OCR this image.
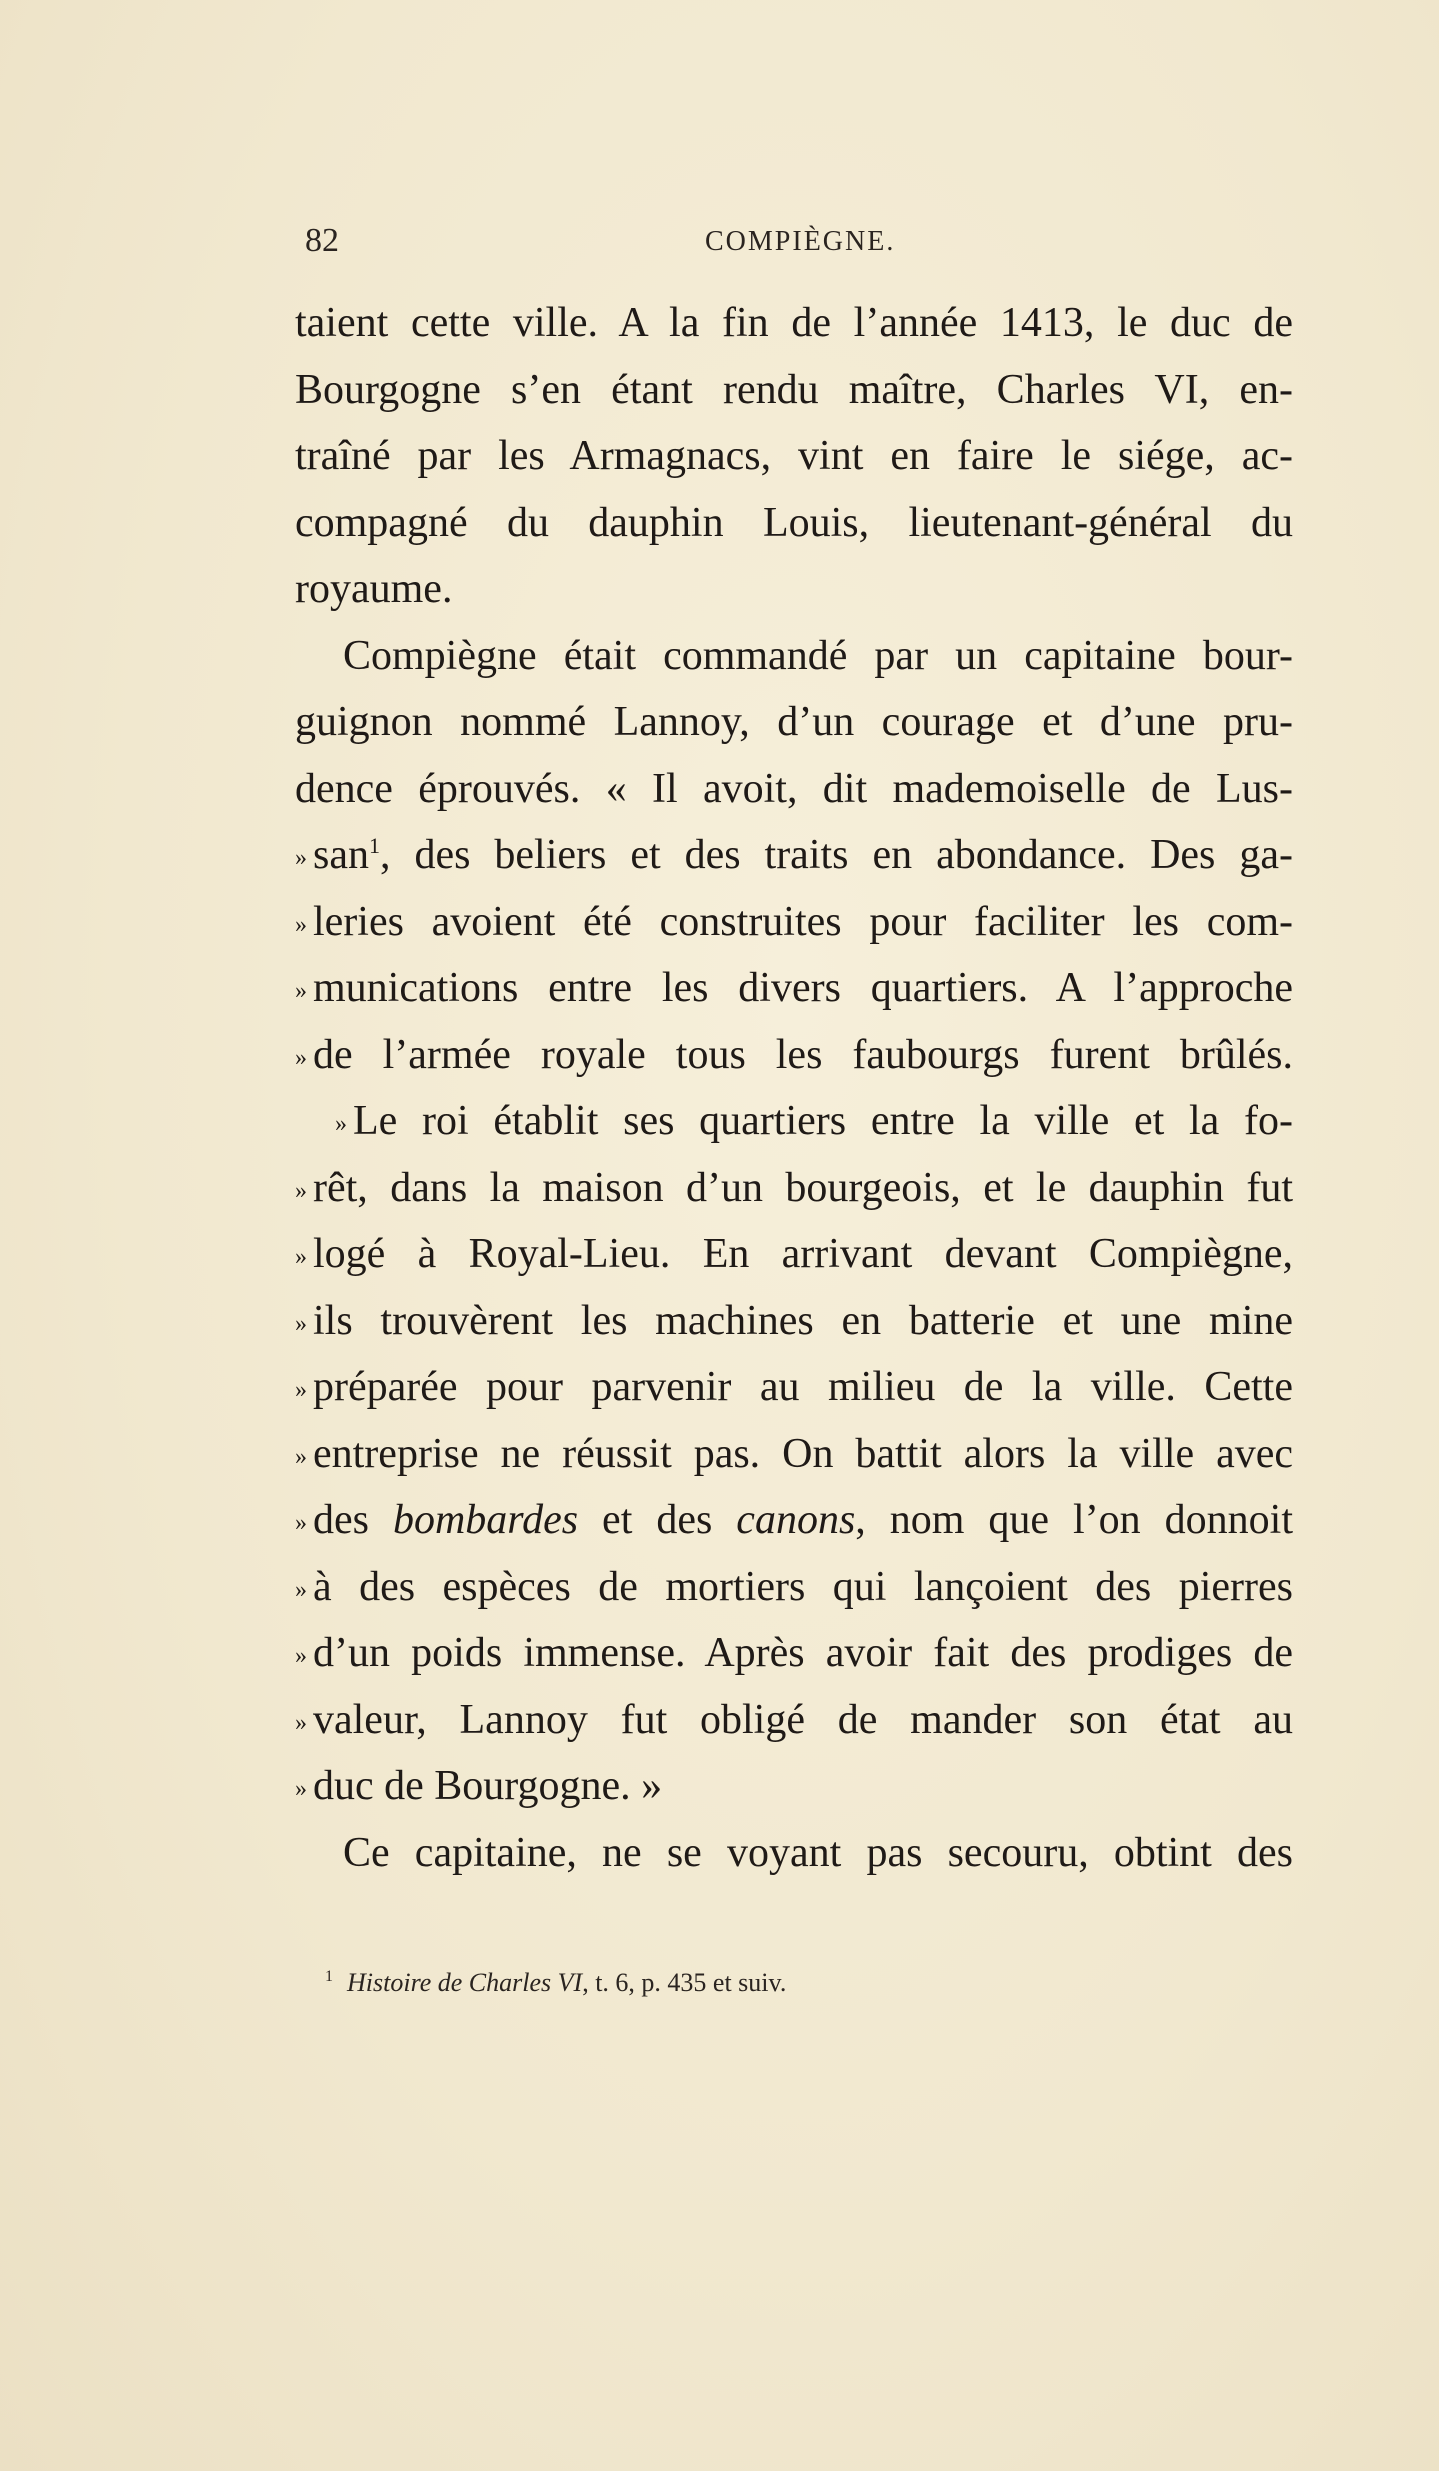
82	COMPIÈGNE.
taient cette ville. A la fin de l’année 1413, le duc de
Bourgogne s’en étant rendu maître, Charles VI, en-
traîné par les Armagnacs, vint en faire le siége, ac-
compagné du dauphin Louis, lieutenant-général du
royaume.
Compiègne était commandé par un capitaine bour-
guignon nommé Lannoy, d’un courage et d’une pru-
dence éprouvés. « Il avoit, dit mademoiselle de Lus-
» san$^1$, des beliers et des traits en abondance. Des ga-
» leries avoient été construites pour faciliter les com-
» munications entre les divers quartiers. A l’approche
» de l’armée royale tous les faubourgs furent brûlés.
» Le roi établit ses quartiers entre la ville et la fo-
» rêt, dans la maison d’un bourgeois, et le dauphin fut
» logé à Royal-Lieu. En arrivant devant Compiègne,
» ils trouvèrent les machines en batterie et une mine
» préparée pour parvenir au milieu de la ville. Cette
» entreprise ne réussit pas. On battit alors la ville avec
» des bombardes et des canons, nom que l’on donnoit
» à des espèces de mortiers qui lançoient des pierres
» d’un poids immense. Après avoir fait des prodiges de
» valeur, Lannoy fut obligé de mander son état au
» duc de Bourgogne. »
Ce capitaine, ne se voyant pas secouru, obtint des
$^1$ Histoire de Charles VI, t. 6, p. 435 et suiv.
